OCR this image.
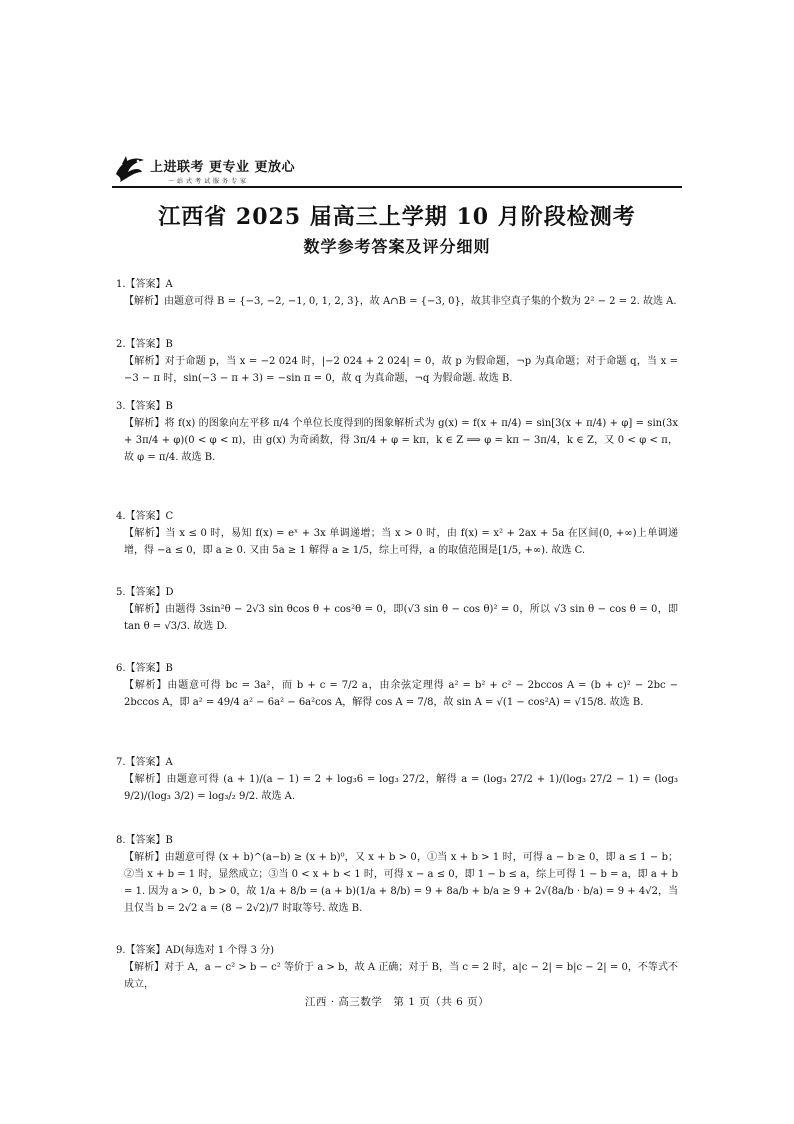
上进联考 更专业 更放心
一站式考试服务专家
江西省 2025 届高三上学期 10 月阶段检测考
数学参考答案及评分细则
1.【答案】A
【解析】由题意可得 B = {−3, −2, −1, 0, 1, 2, 3}，故 A∩B = {−3, 0}，故其非空真子集的个数为 2² − 2 = 2. 故选 A.
2.【答案】B
【解析】对于命题 p，当 x = −2 024 时，|−2 024 + 2 024| = 0，故 p 为假命题，¬p 为真命题；对于命题 q，当 x = −3 − π 时，sin(−3 − π + 3) = −sin π = 0，故 q 为真命题，¬q 为假命题. 故选 B.
3.【答案】B
【解析】将 f(x) 的图象向左平移 π/4 个单位长度得到的图象解析式为 g(x) = f(x + π/4) = sin[3(x + π/4) + φ] = sin(3x + 3π/4 + φ)(0 < φ < π)，由 g(x) 为奇函数，得 3π/4 + φ = kπ，k ∈ Z ⟹ φ = kπ − 3π/4，k ∈ Z，又 0 < φ < π，故 φ = π/4. 故选 B.
4.【答案】C
【解析】当 x ≤ 0 时，易知 f(x) = eˣ + 3x 单调递增；当 x > 0 时，由 f(x) = x² + 2ax + 5a 在区间(0, +∞)上单调递增，得 −a ≤ 0，即 a ≥ 0. 又由 5a ≥ 1 解得 a ≥ 1/5，综上可得，a 的取值范围是[1/5, +∞). 故选 C.
5.【答案】D
【解析】由题得 3sin²θ − 2√3 sin θcos θ + cos²θ = 0，即(√3 sin θ − cos θ)² = 0，所以 √3 sin θ − cos θ = 0，即 tan θ = √3/3. 故选 D.
6.【答案】B
【解析】由题意可得 bc = 3a²，而 b + c = 7/2 a，由余弦定理得 a² = b² + c² − 2bccos A = (b + c)² − 2bc − 2bccos A，即 a² = 49/4 a² − 6a² − 6a²cos A，解得 cos A = 7/8，故 sin A = √(1 − cos²A) = √15/8. 故选 B.
7.【答案】A
【解析】由题意可得 (a + 1)/(a − 1) = 2 + log₃6 = log₃ 27/2，解得 a = (log₃ 27/2 + 1)/(log₃ 27/2 − 1) = (log₃ 9/2)/(log₃ 3/2) = log₃/₂ 9/2. 故选 A.
8.【答案】B
【解析】由题意可得 (x + b)^(a−b) ≥ (x + b)⁰，又 x + b > 0，①当 x + b > 1 时，可得 a − b ≥ 0，即 a ≤ 1 − b；②当 x + b = 1 时，显然成立；③当 0 < x + b < 1 时，可得 x − a ≤ 0，即 1 − b ≤ a，综上可得 1 − b = a，即 a + b = 1. 因为 a > 0，b > 0，故 1/a + 8/b = (a + b)(1/a + 8/b) = 9 + 8a/b + b/a ≥ 9 + 2√(8a/b · b/a) = 9 + 4√2，当且仅当 b = 2√2 a = (8 − 2√2)/7 时取等号. 故选 B.
9.【答案】AD(每选对 1 个得 3 分)
【解析】对于 A，a − c² > b − c² 等价于 a > b，故 A 正确；对于 B，当 c = 2 时，a|c − 2| = b|c − 2| = 0，不等式不成立，
江西 · 高三数学　第 1 页（共 6 页）
